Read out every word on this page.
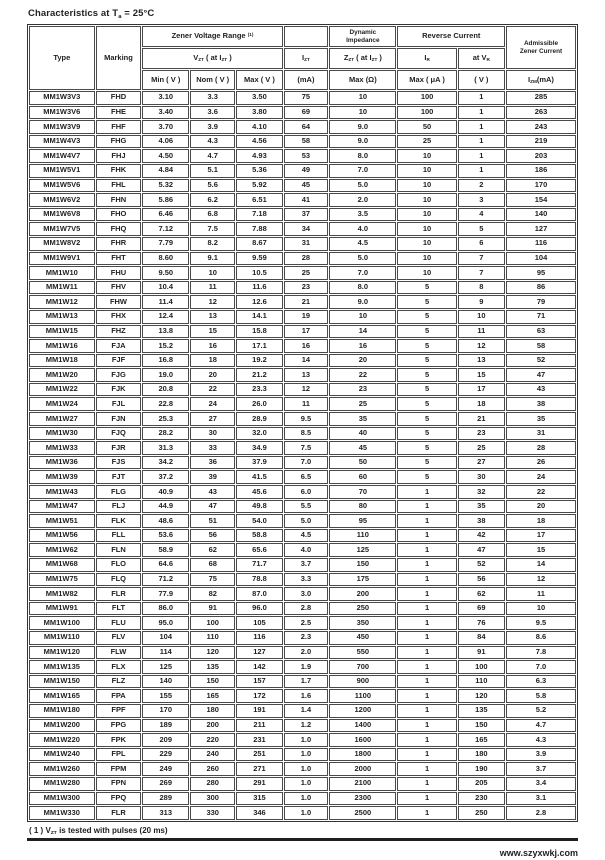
Characteristics at $T_a = 25^\circ C$
Type	Marking	Zener Voltage Range $^{(1)}$				Dynamic
Impedance	Reverse Current		Admissible
Zener Current
		$V_{ZT}$ ( at $I_{ZT}$ )			$I_{ZT}$	$Z_{ZT}$ ( at $I_{ZT}$ )	$I_R$	at $V_R$
		Min ( V )	Nom ( V )	Max ( V )	(mA)	Max (Ω)	Max ( μA )	( V )	$I_{ZM}(mA)$
MM1W3V3	FHD	3.10	3.3	3.50	75	10	100	1	285
MM1W3V6	FHE	3.40	3.6	3.80	69	10	100	1	263
MM1W3V9	FHF	3.70	3.9	4.10	64	9.0	50	1	243
MM1W4V3	FHG	4.06	4.3	4.56	58	9.0	25	1	219
MM1W4V7	FHJ	4.50	4.7	4.93	53	8.0	10	1	203
MM1W5V1	FHK	4.84	5.1	5.36	49	7.0	10	1	186
MM1W5V6	FHL	5.32	5.6	5.92	45	5.0	10	2	170
MM1W6V2	FHN	5.86	6.2	6.51	41	2.0	10	3	154
MM1W6V8	FHO	6.46	6.8	7.18	37	3.5	10	4	140
MM1W7V5	FHQ	7.12	7.5	7.88	34	4.0	10	5	127
MM1W8V2	FHR	7.79	8.2	8.67	31	4.5	10	6	116
MM1W9V1	FHT	8.60	9.1	9.59	28	5.0	10	7	104
MM1W10	FHU	9.50	10	10.5	25	7.0	10	7	95
MM1W11	FHV	10.4	11	11.6	23	8.0	5	8	86
MM1W12	FHW	11.4	12	12.6	21	9.0	5	9	79
MM1W13	FHX	12.4	13	14.1	19	10	5	10	71
MM1W15	FHZ	13.8	15	15.8	17	14	5	11	63
MM1W16	FJA	15.2	16	17.1	16	16	5	12	58
MM1W18	FJF	16.8	18	19.2	14	20	5	13	52
MM1W20	FJG	19.0	20	21.2	13	22	5	15	47
MM1W22	FJK	20.8	22	23.3	12	23	5	17	43
MM1W24	FJL	22.8	24	26.0	11	25	5	18	38
MM1W27	FJN	25.3	27	28.9	9.5	35	5	21	35
MM1W30	FJQ	28.2	30	32.0	8.5	40	5	23	31
MM1W33	FJR	31.3	33	34.9	7.5	45	5	25	28
MM1W36	FJS	34.2	36	37.9	7.0	50	5	27	26
MM1W39	FJT	37.2	39	41.5	6.5	60	5	30	24
MM1W43	FLG	40.9	43	45.6	6.0	70	1	32	22
MM1W47	FLJ	44.9	47	49.8	5.5	80	1	35	20
MM1W51	FLK	48.6	51	54.0	5.0	95	1	38	18
MM1W56	FLL	53.6	56	58.8	4.5	110	1	42	17
MM1W62	FLN	58.9	62	65.6	4.0	125	1	47	15
MM1W68	FLO	64.6	68	71.7	3.7	150	1	52	14
MM1W75	FLQ	71.2	75	78.8	3.3	175	1	56	12
MM1W82	FLR	77.9	82	87.0	3.0	200	1	62	11
MM1W91	FLT	86.0	91	96.0	2.8	250	1	69	10
MM1W100	FLU	95.0	100	105	2.5	350	1	76	9.5
MM1W110	FLV	104	110	116	2.3	450	1	84	8.6
MM1W120	FLW	114	120	127	2.0	550	1	91	7.8
MM1W135	FLX	125	135	142	1.9	700	1	100	7.0
MM1W150	FLZ	140	150	157	1.7	900	1	110	6.3
MM1W165	FPA	155	165	172	1.6	1100	1	120	5.8
MM1W180	FPF	170	180	191	1.4	1200	1	135	5.2
MM1W200	FPG	189	200	211	1.2	1400	1	150	4.7
MM1W220	FPK	209	220	231	1.0	1600	1	165	4.3
MM1W240	FPL	229	240	251	1.0	1800	1	180	3.9
MM1W260	FPM	249	260	271	1.0	2000	1	190	3.7
MM1W280	FPN	269	280	291	1.0	2100	1	205	3.4
MM1W300	FPQ	289	300	315	1.0	2300	1	230	3.1
MM1W330	FLR	313	330	346	1.0	2500	1	250	2.8
( 1 ) $V_{ZT}$ is tested with pulses (20 ms)
www.szyxwkj.com
